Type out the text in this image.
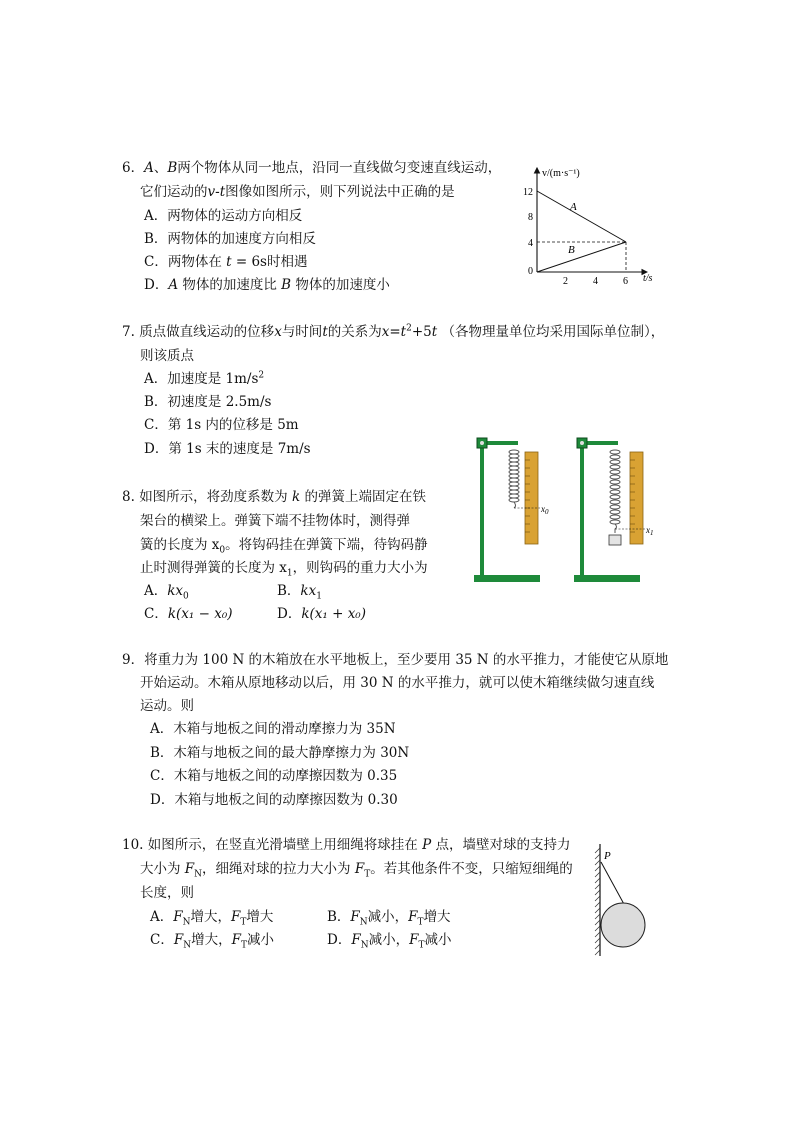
6．A、B两个物体从同一地点，沿同一直线做匀变速直线运动，
它们运动的v-t图像如图所示，则下列说法中正确的是
A．两物体的运动方向相反
B．两物体的加速度方向相反
C．两物体在 t = 6s时相遇
D．A 物体的加速度比 B 物体的加速度小
v/(m·s⁻¹)
t/s
12
8
4
0
2	4	6
A
B
7. 质点做直线运动的位移x与时间t的关系为$x=t^2+5t$ （各物理量单位均采用国际单位制），
则该质点
A．加速度是 $1m/s^2$
B．初速度是 2.5m/s
C．第 1s 内的位移是 5m
D．第 1s 末的速度是 7m/s
8. 如图所示，将劲度系数为 k 的弹簧上端固定在铁
架台的横梁上。弹簧下端不挂物体时，测得弹
簧的长度为 $x_0$。将钩码挂在弹簧下端，待钩码静
止时测得弹簧的长度为 $x_1$，则钩码的重力大小为
A．$kx_0$	B．$kx_1$
C．k(x₁ − x₀)	D．k(x₁ + x₀)
$x_0$
$x_1$
9．将重力为 100 N 的木箱放在水平地板上，至少要用 35 N 的水平推力，才能使它从原地
开始运动。木箱从原地移动以后，用 30 N 的水平推力，就可以使木箱继续做匀速直线
运动。则
A．木箱与地板之间的滑动摩擦力为 35N
B．木箱与地板之间的最大静摩擦力为 30N
C．木箱与地板之间的动摩擦因数为 0.35
D．木箱与地板之间的动摩擦因数为 0.30
10. 如图所示，在竖直光滑墙壁上用细绳将球挂在 P 点，墙壁对球的支持力
大小为 $F_N$，细绳对球的拉力大小为 $F_T$。若其他条件不变，只缩短细绳的
长度，则
A．$F_N$增大，$F_T$增大	B．$F_N$减小，$F_T$增大
C．$F_N$增大，$F_T$减小	D．$F_N$减小，$F_T$减小
P
